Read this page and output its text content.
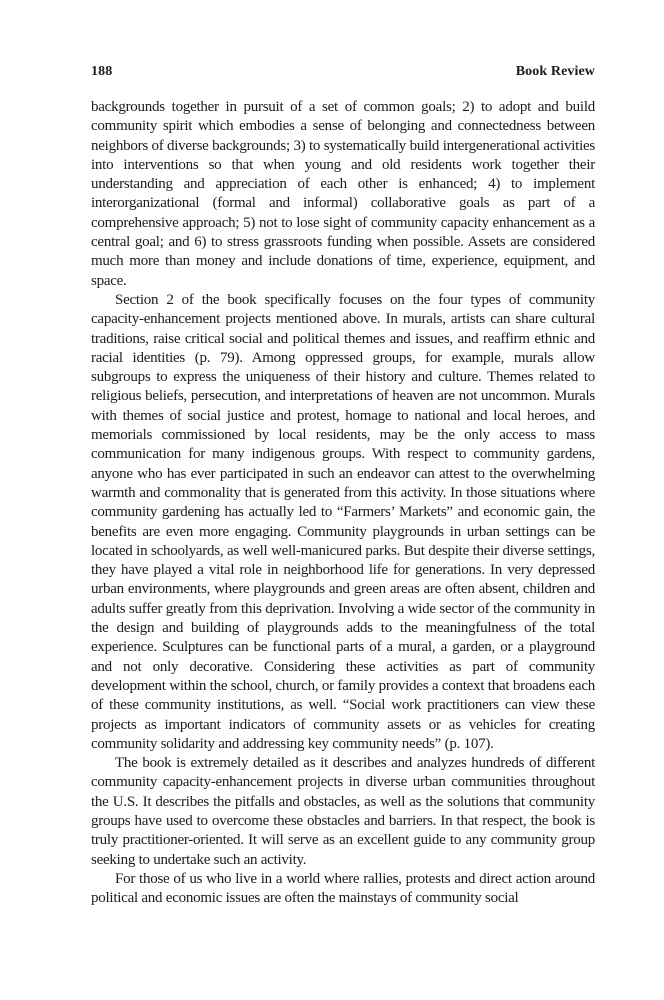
188	Book Review

backgrounds together in pursuit of a set of common goals; 2) to adopt and build community spirit which embodies a sense of belonging and connectedness between neighbors of diverse backgrounds; 3) to systematically build intergenerational activities into interventions so that when young and old residents work together their understanding and appreciation of each other is enhanced; 4) to implement interorganizational (formal and informal) collaborative goals as part of a comprehensive approach; 5) not to lose sight of community capacity enhancement as a central goal; and 6) to stress grassroots funding when possible. Assets are considered much more than money and include donations of time, experience, equipment, and space.

Section 2 of the book specifically focuses on the four types of community capacity-enhancement projects mentioned above. In murals, artists can share cultural traditions, raise critical social and political themes and issues, and reaffirm ethnic and racial identities (p. 79). Among oppressed groups, for example, murals allow subgroups to express the uniqueness of their history and culture. Themes related to religious beliefs, persecution, and interpretations of heaven are not uncommon. Murals with themes of social justice and protest, homage to national and local heroes, and memorials commissioned by local residents, may be the only access to mass communication for many indigenous groups. With respect to community gardens, anyone who has ever participated in such an endeavor can attest to the overwhelming warmth and commonality that is generated from this activity. In those situations where community gardening has actually led to “Farmers’ Markets” and economic gain, the benefits are even more engaging. Community playgrounds in urban settings can be located in schoolyards, as well well-manicured parks. But despite their diverse settings, they have played a vital role in neighborhood life for generations. In very depressed urban environments, where playgrounds and green areas are often absent, children and adults suffer greatly from this deprivation. Involving a wide sector of the community in the design and building of playgrounds adds to the meaningfulness of the total experience. Sculptures can be functional parts of a mural, a garden, or a playground and not only decorative. Considering these activities as part of community development within the school, church, or family provides a context that broadens each of these community institutions, as well. “Social work practitioners can view these projects as important indicators of community assets or as vehicles for creating community solidarity and addressing key community needs” (p. 107).

The book is extremely detailed as it describes and analyzes hundreds of different community capacity-enhancement projects in diverse urban communities throughout the U.S. It describes the pitfalls and obstacles, as well as the solutions that community groups have used to overcome these obstacles and barriers. In that respect, the book is truly practitioner-oriented. It will serve as an excellent guide to any community group seeking to undertake such an activity.

For those of us who live in a world where rallies, protests and direct action around political and economic issues are often the mainstays of community social
